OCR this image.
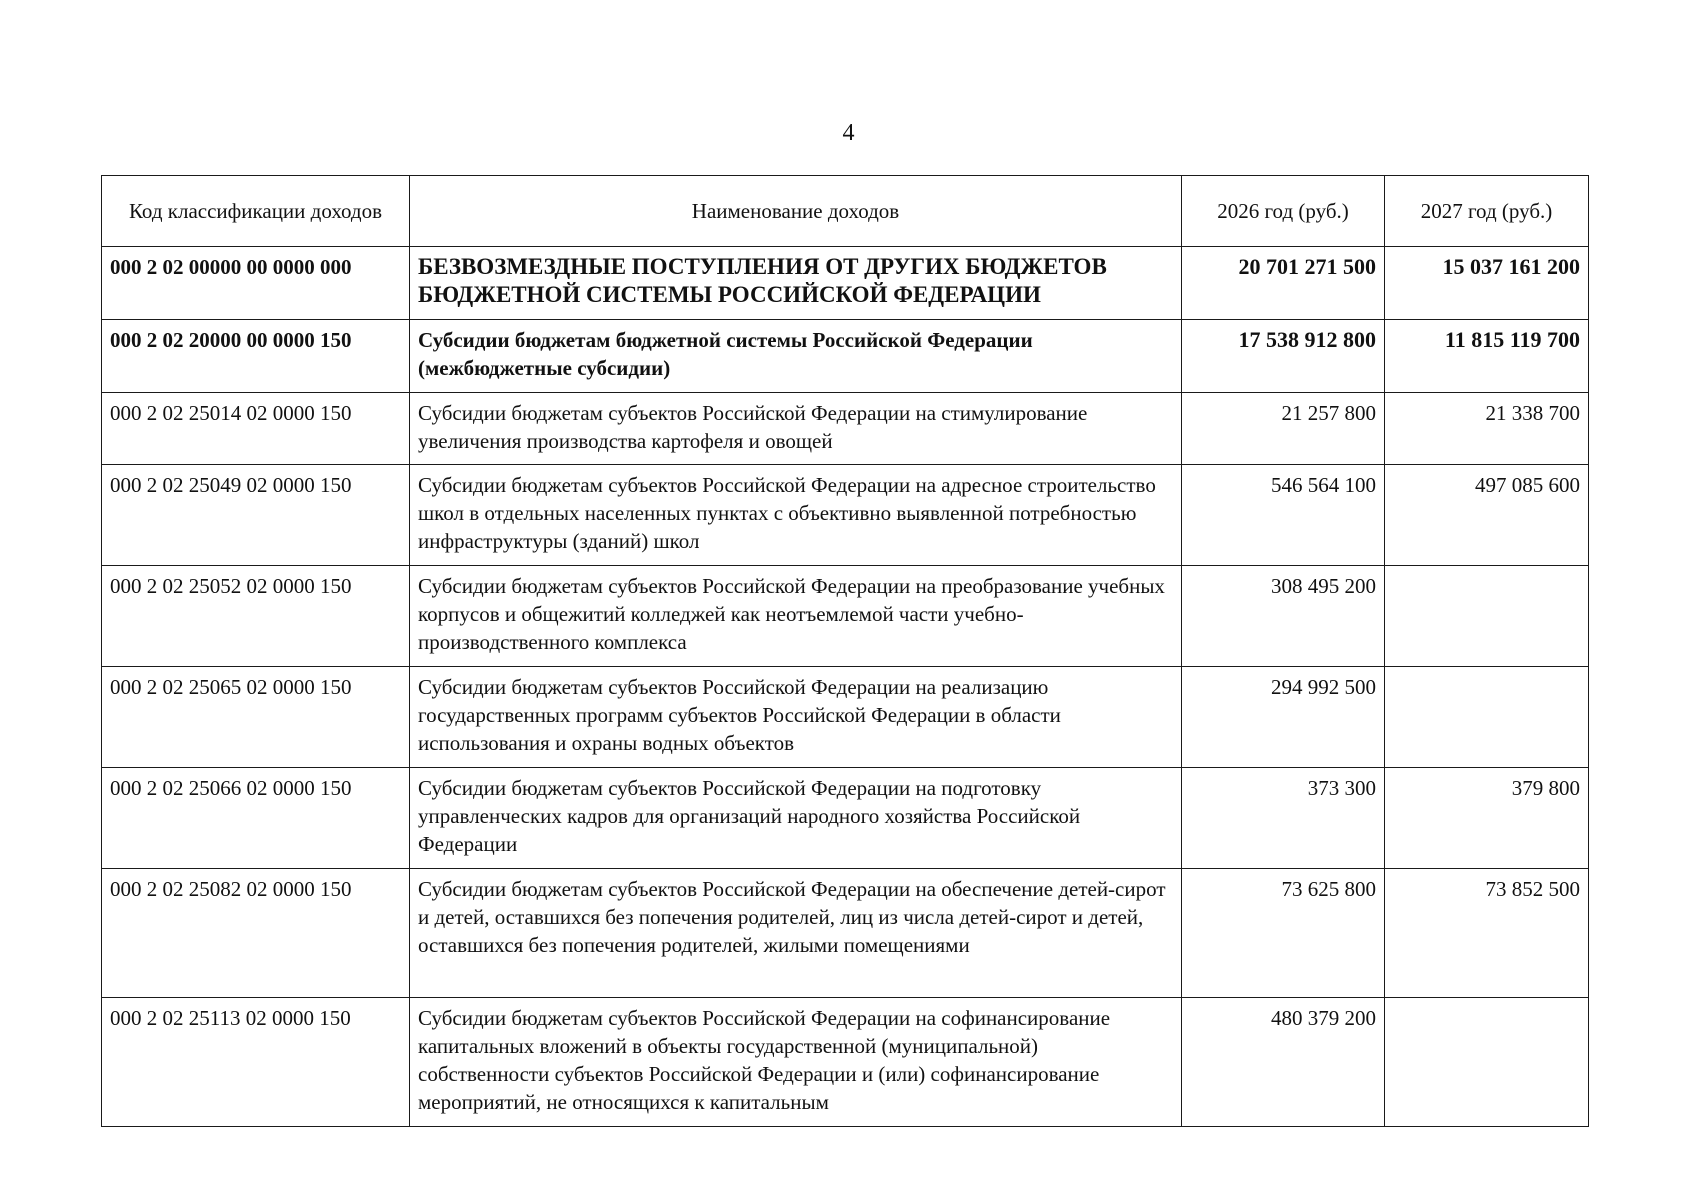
4
Код классификации доходов	Наименование доходов	2026 год (руб.)	2027 год (руб.)
000 2 02 00000 00 0000 000	БЕЗВОЗМЕЗДНЫЕ ПОСТУПЛЕНИЯ ОТ ДРУГИХ БЮДЖЕТОВ БЮДЖЕТНОЙ СИСТЕМЫ РОССИЙСКОЙ ФЕДЕРАЦИИ	20 701 271 500	15 037 161 200
000 2 02 20000 00 0000 150	Субсидии бюджетам бюджетной системы Российской Федерации (межбюджетные субсидии)	17 538 912 800	11 815 119 700
000 2 02 25014 02 0000 150	Субсидии бюджетам субъектов Российской Федерации на стимулирование увеличения производства картофеля и овощей	21 257 800	21 338 700
000 2 02 25049 02 0000 150	Субсидии бюджетам субъектов Российской Федерации на адресное строительство школ в отдельных населенных пунктах с объективно выявленной потребностью инфраструктуры (зданий) школ	546 564 100	497 085 600
000 2 02 25052 02 0000 150	Субсидии бюджетам субъектов Российской Федерации на преобразование учебных корпусов и общежитий колледжей как неотъемлемой части учебно-производственного комплекса	308 495 200	
000 2 02 25065 02 0000 150	Субсидии бюджетам субъектов Российской Федерации на реализацию государственных программ субъектов Российской Федерации в области использования и охраны водных объектов	294 992 500	
000 2 02 25066 02 0000 150	Субсидии бюджетам субъектов Российской Федерации на подготовку управленческих кадров для организаций народного хозяйства Российской Федерации	373 300	379 800
000 2 02 25082 02 0000 150	Субсидии бюджетам субъектов Российской Федерации на обеспечение детей-сирот и детей, оставшихся без попечения родителей, лиц из числа детей-сирот и детей, оставшихся без попечения родителей, жилыми помещениями	73 625 800	73 852 500
000 2 02 25113 02 0000 150	Субсидии бюджетам субъектов Российской Федерации на софинансирование капитальных вложений в объекты государственной (муниципальной) собственности субъектов Российской Федерации и (или) софинансирование мероприятий, не относящихся к капитальным	480 379 200	
